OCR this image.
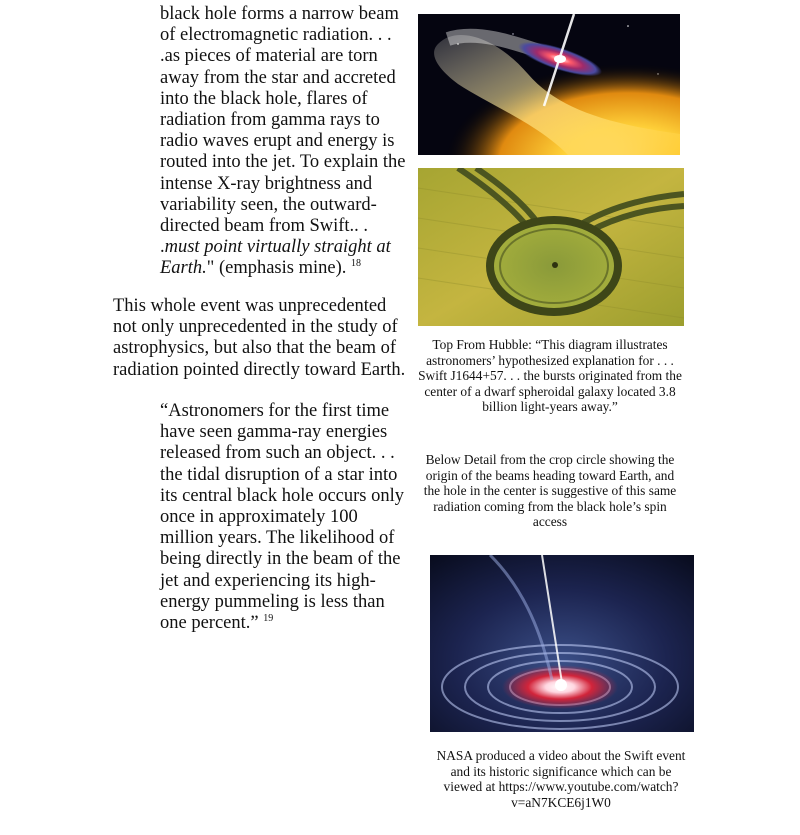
black hole forms a narrow beam of electromagnetic radiation. . . .as pieces of material are torn away from the star and accreted into the black hole, flares of radiation from gamma rays to radio waves erupt and energy is routed into the jet. To explain the intense X-ray brightness and variability seen, the outward-directed beam from Swift.. . .must point virtually straight at Earth." (emphasis mine). $^{18}$
This whole event was unprecedented not only unprecedented in the study of astrophysics, but also that the beam of radiation pointed directly toward Earth.
“Astronomers for the first time have seen gamma-ray energies released from such an object. . . the tidal disruption of a star into its central black hole occurs only once in approximately 100 million years. The likelihood of being directly in the beam of the jet and experiencing its high-energy pummeling is less than one percent.” $^{19}$
Top From Hubble: “This diagram illustrates astronomers’ hypothesized explanation for . . . Swift J1644+57. . . the bursts originated from the center of a dwarf spheroidal galaxy located 3.8 billion light-years away.”
Below Detail from the crop circle showing the origin of the beams heading toward Earth, and the hole in the center is suggestive of this same radiation coming from the black hole’s spin access
NASA produced a video about the Swift event and its historic significance which can be viewed at https://www.youtube.com/watch?v=aN7KCE6j1W0
